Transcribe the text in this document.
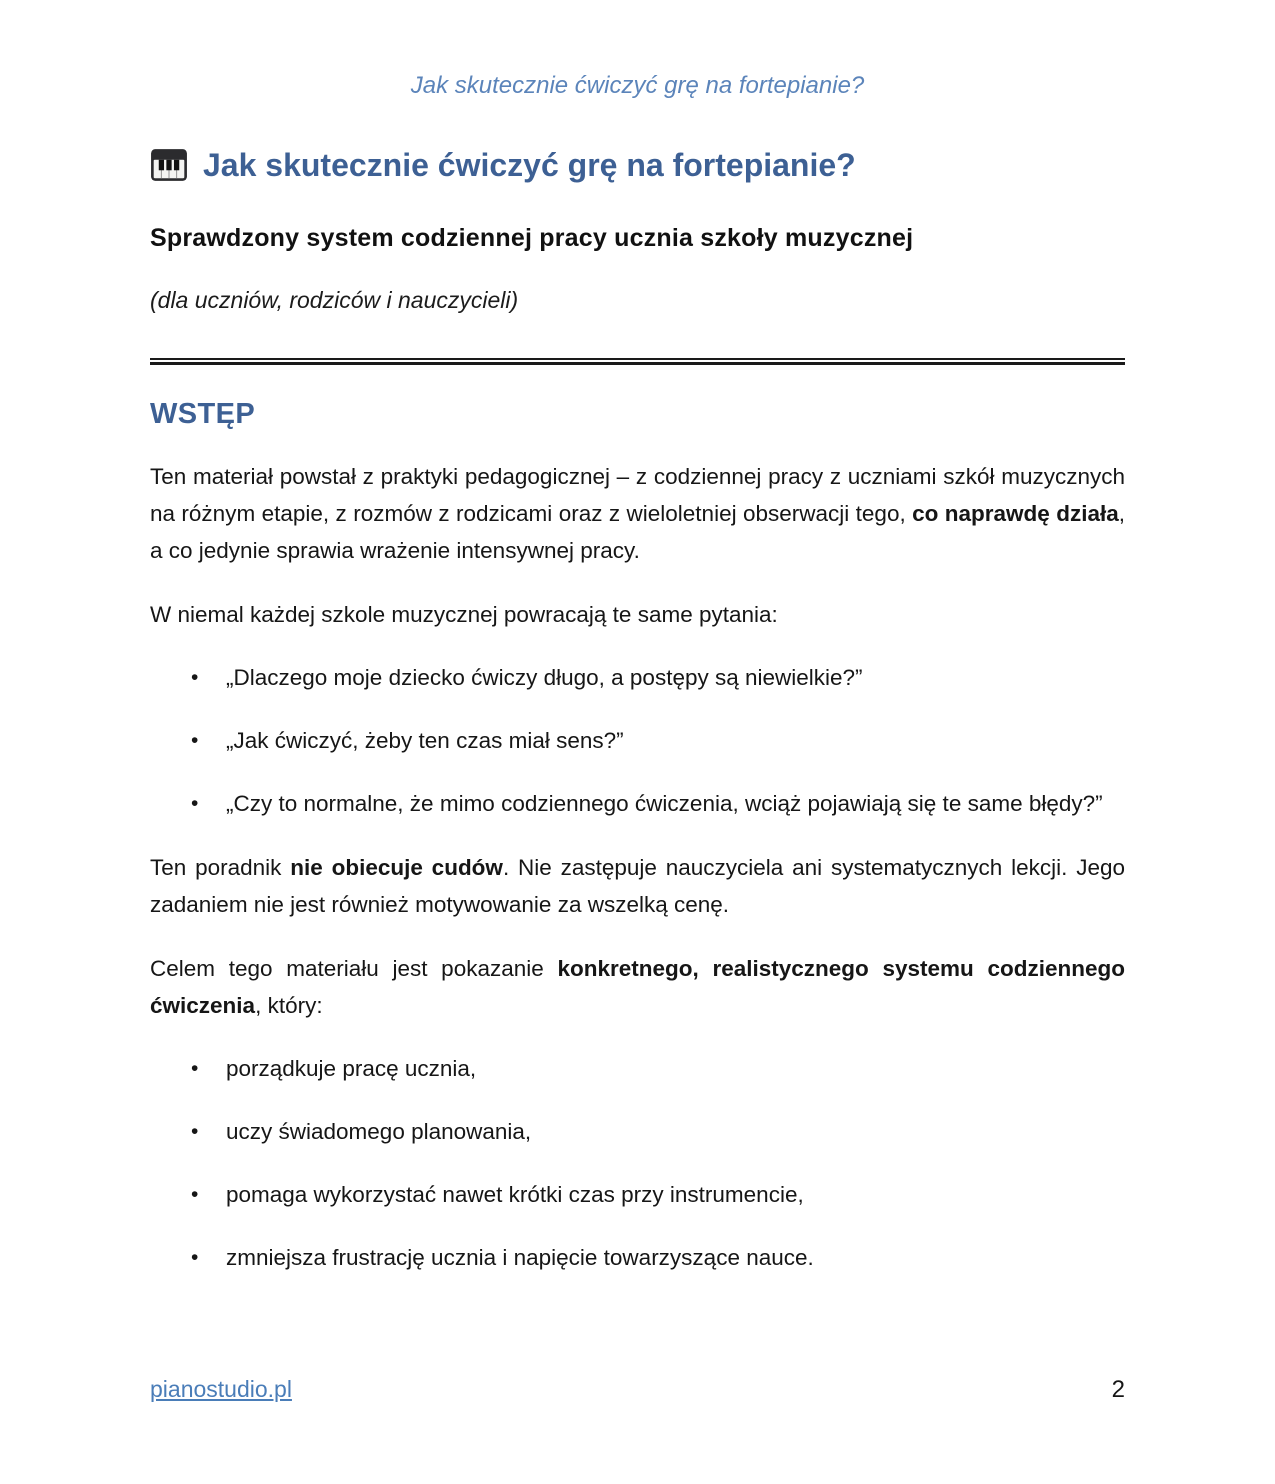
Jak skutecznie ćwiczyć grę na fortepianie?
Jak skutecznie ćwiczyć grę na fortepianie?
Sprawdzony system codziennej pracy ucznia szkoły muzycznej
(dla uczniów, rodziców i nauczycieli)
WSTĘP

Ten materiał powstał z praktyki pedagogicznej – z codziennej pracy z uczniami szkół muzycznych na różnym etapie, z rozmów z rodzicami oraz z wieloletniej obserwacji tego, co naprawdę działa, a co jedynie sprawia wrażenie intensywnej pracy.

W niemal każdej szkole muzycznej powracają te same pytania:

•	„Dlaczego moje dziecko ćwiczy długo, a postępy są niewielkie?”
•	„Jak ćwiczyć, żeby ten czas miał sens?”
•	„Czy to normalne, że mimo codziennego ćwiczenia, wciąż pojawiają się te same błędy?”

Ten poradnik nie obiecuje cudów. Nie zastępuje nauczyciela ani systematycznych lekcji. Jego zadaniem nie jest również motywowanie za wszelką cenę.

Celem tego materiału jest pokazanie konkretnego, realistycznego systemu codziennego ćwiczenia, który:

•	porządkuje pracę ucznia,
•	uczy świadomego planowania,
•	pomaga wykorzystać nawet krótki czas przy instrumencie,
•	zmniejsza frustrację ucznia i napięcie towarzyszące nauce.
pianostudio.pl	2
